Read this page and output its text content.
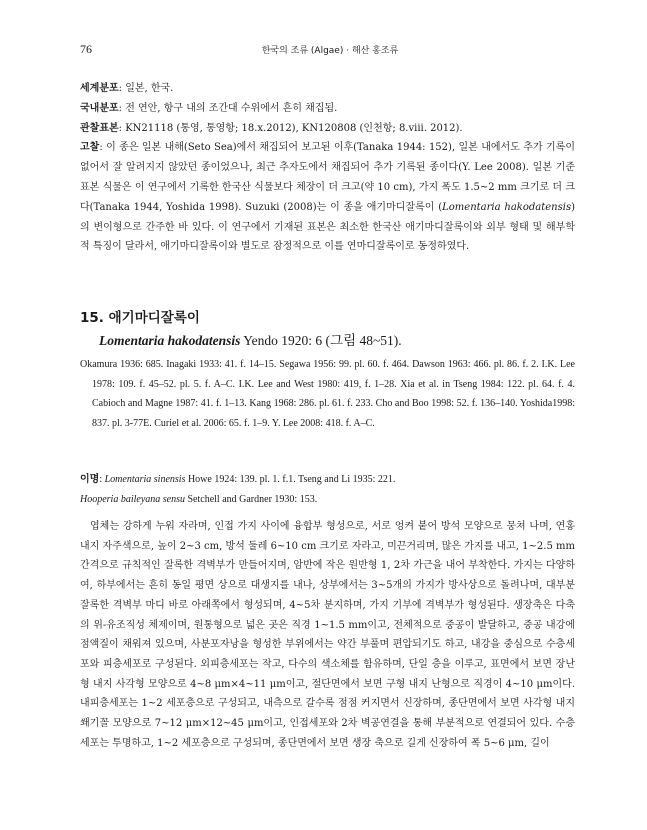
76	한국의 조류 (Algae) · 해산 홍조류

세계분포: 일본, 한국.

국내분포: 전 연안, 항구 내의 조간대 수위에서 흔히 채집됨.

관찰표본: KN21118 (통영, 통영항; 18.x.2012), KN120808 (인천항; 8.viii. 2012).

고찰: 이 종은 일본 내해(Seto Sea)에서 채집되어 보고된 이후(Tanaka 1944: 152), 일본 내에서도 추가 기록이 없어서 잘 알려지지 않았던 종이었으나, 최근 추자도에서 채집되어 추가 기록된 종이다(Y. Lee 2008). 일본 기준표본 식물은 이 연구에서 기록한 한국산 식물보다 체장이 더 크고(약 10 cm), 가지 폭도 1.5~2 mm 크기로 더 크다(Tanaka 1944, Yoshida 1998). Suzuki (2008)는 이 종을 애기마디잘록이 (Lomentaria hakodatensis)의 변이형으로 간주한 바 있다. 이 연구에서 기재된 표본은 최소한 한국산 애기마디잘록이와 외부 형태 및 해부학적 특징이 달라서, 애기마디잘록이와 별도로 잠정적으로 이를 연마디잘록이로 동정하였다.

15. 애기마디잘록이
Lomentaria hakodatensis Yendo 1920: 6 (그림 48~51).
Okamura 1936: 685. Inagaki 1933: 41. f. 14–15. Segawa 1956: 99. pl. 60. f. 464. Dawson 1963: 466. pl. 86. f. 2. I.K. Lee 1978: 109. f. 45–52. pl. 5. f. A–C. I.K. Lee and West 1980: 419, f. 1–28. Xia et al. in Tseng 1984: 122. pl. 64. f. 4. Cabioch and Magne 1987: 41. f. 1–13. Kang 1968: 286. pl. 61. f. 233. Cho and Boo 1998: 52. f. 136–140. Yoshida1998: 837. pl. 3-77E. Curiel et al. 2006: 65. f. 1–9. Y. Lee 2008: 418. f. A–C.
이명: Lomentaria sinensis Howe 1924: 139. pl. 1. f.1. Tseng and Li 1935: 221.
Hooperia baileyana sensu Setchell and Gardner 1930: 153.
엽체는 강하게 누워 자라며, 인접 가지 사이에 융합부 형성으로, 서로 엉켜 붙어 방석 모양으로 뭉쳐 나며, 연홍 내지 자주색으로, 높이 2~3 cm, 방석 둘레 6~10 cm 크기로 자라고, 미끈거리며, 많은 가지를 내고, 1~2.5 mm 간격으로 규칙적인 잘록한 격벽부가 만들어지며, 암반에 작은 원반형 1, 2차 가근을 내어 부착한다. 가지는 다양하여, 하부에서는 흔히 동일 평면 상으로 대생지를 내나, 상부에서는 3~5개의 가지가 방사상으로 돌려나며, 대부분 잘록한 격벽부 마디 바로 아래쪽에서 형성되며, 4~5차 분지하며, 가지 기부에 격벽부가 형성된다. 생장축은 다축의 위-유조직성 체제이며, 원통형으로 넓은 곳은 직경 1~1.5 mm이고, 전체적으로 중공이 발달하고, 중공 내강에 점액질이 채워져 있으며, 사분포자낭을 형성한 부위에서는 약간 부풀며 편압되기도 하고, 내강을 중심으로 수층세포와 피층세포로 구성된다. 외피층세포는 작고, 다수의 색소체를 함유하며, 단일 층을 이루고, 표면에서 보면 장난형 내지 사각형 모양으로 4~8 μm×4~11 μm이고, 절단면에서 보면 구형 내지 난형으로 직경이 4~10 μm이다. 내피층세포는 1~2 세포층으로 구성되고, 내측으로 갈수록 점점 커지면서 신장하며, 종단면에서 보면 사각형 내지 쐐기꼴 모양으로 7~12 μm×12~45 μm이고, 인접세포와 2차 벽공연결을 통해 부분적으로 연결되어 있다. 수층 세포는 투명하고, 1~2 세포층으로 구성되며, 종단면에서 보면 생장 축으로 길게 신장하여 폭 5~6 μm, 길이
